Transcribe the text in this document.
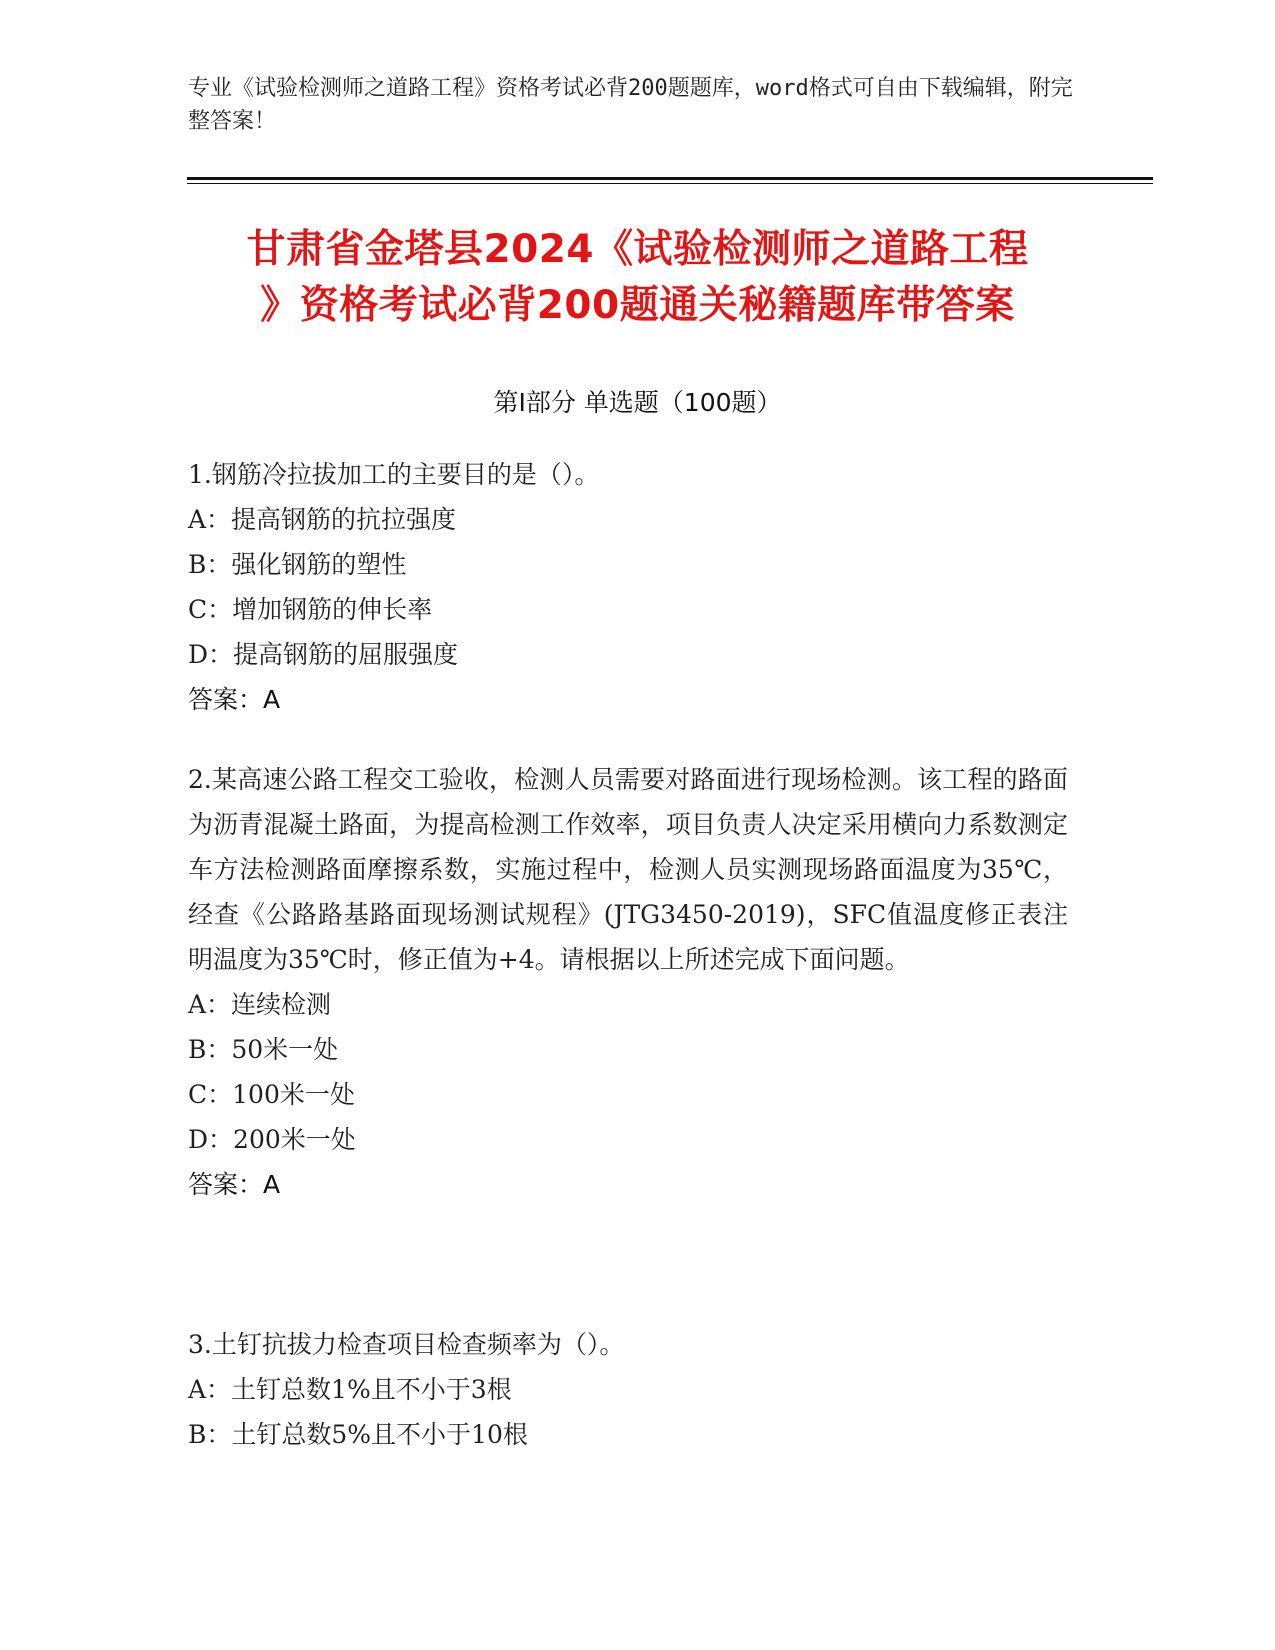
专业《试验检测师之道路工程》资格考试必背200题题库，word格式可自由下载编辑，附完整答案！
甘肃省金塔县2024《试验检测师之道路工程
》资格考试必背200题通关秘籍题库带答案
第Ⅰ部分 单选题（100题）
1.钢筋冷拉拔加工的主要目的是（）。
A：提高钢筋的抗拉强度
B：强化钢筋的塑性
C：增加钢筋的伸长率
D：提高钢筋的屈服强度
答案：A
2.某高速公路工程交工验收，检测人员需要对路面进行现场检测。该工程的路面为沥青混凝土路面，为提高检测工作效率，项目负责人决定采用横向力系数测定车方法检测路面摩擦系数，实施过程中，检测人员实测现场路面温度为35℃，经查《公路路基路面现场测试规程》(JTG3450-2019)，SFC值温度修正表注明温度为35℃时，修正值为+4。请根据以上所述完成下面问题。
A：连续检测
B：50米一处
C：100米一处
D：200米一处
答案：A
3.土钉抗拔力检查项目检查频率为（）。
A：土钉总数1%且不小于3根
B：土钉总数5%且不小于10根
